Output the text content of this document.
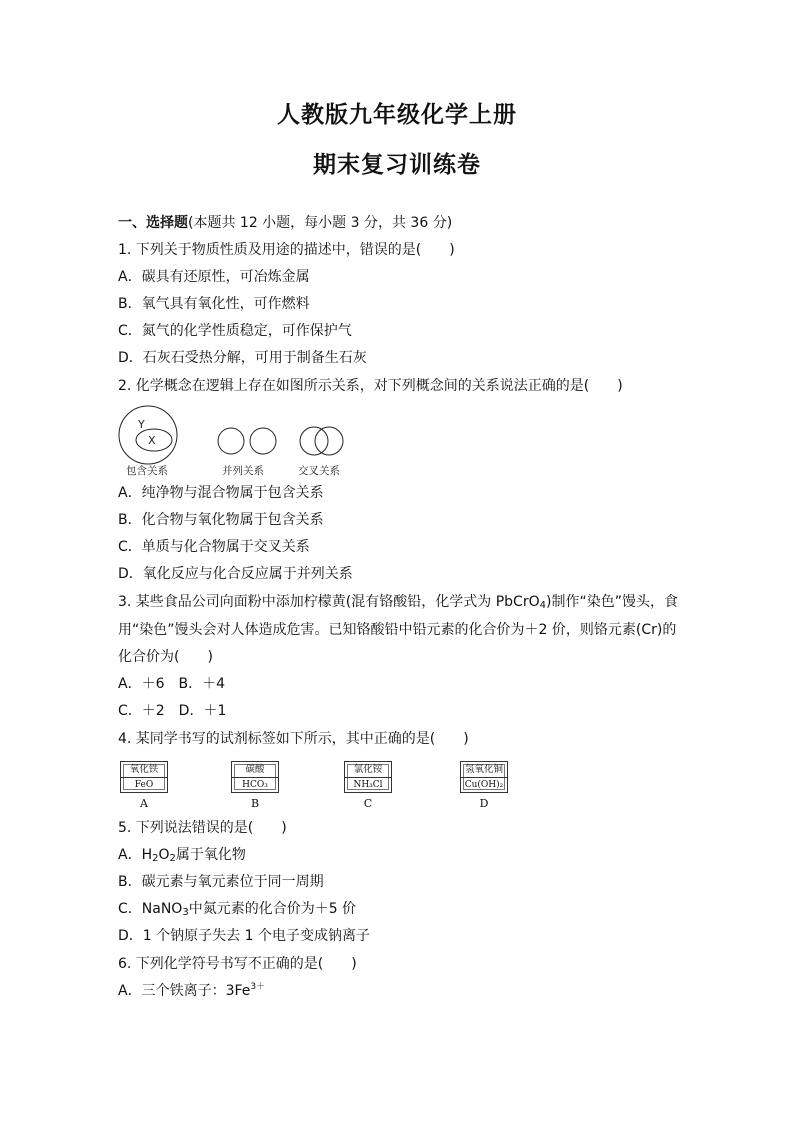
人教版九年级化学上册
期末复习训练卷
一、选择题(本题共 12 小题，每小题 3 分，共 36 分)
1. 下列关于物质性质及用途的描述中，错误的是(　　)
A．碳具有还原性，可冶炼金属
B．氧气具有氧化性，可作燃料
C．氮气的化学性质稳定，可作保护气
D．石灰石受热分解，可用于制备生石灰
2. 化学概念在逻辑上存在如图所示关系，对下列概念间的关系说法正确的是(　　)
Y
X
包含关系	并列关系	交叉关系
A．纯净物与混合物属于包含关系
B．化合物与氧化物属于包含关系
C．单质与化合物属于交叉关系
D．氧化反应与化合反应属于并列关系
3. 某些食品公司向面粉中添加柠檬黄(混有铬酸铅，化学式为 PbCrO$_4$)制作“染色”馒头，食
用“染色”馒头会对人体造成危害。已知铬酸铅中铅元素的化合价为＋2 价，则铬元素(Cr)的
化合价为(　　)
A．＋6　B．＋4
C．＋2　D．＋1
4. 某同学书写的试剂标签如下所示，其中正确的是(　　)
氧化铁
FeO
A
碳酸
HCO₃
B
氯化铵
NH₃Cl
C
氢氧化铜
Cu(OH)₂
D
5. 下列说法错误的是(　　)
A．$H_2O_2$属于氧化物
B．碳元素与氧元素位于同一周期
C．NaNO$_3$中氮元素的化合价为＋5 价
D．1 个钠原子失去 1 个电子变成钠离子
6. 下列化学符号书写不正确的是(　　)
A．三个铁离子：$3Fe^{3+}$
